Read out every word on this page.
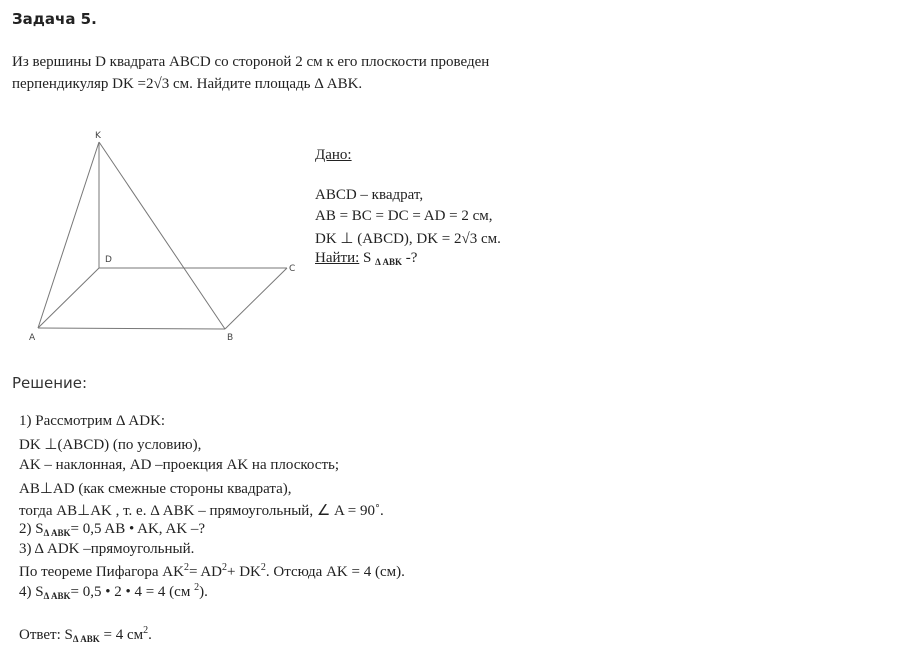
Задача 5.
Из вершины D квадрата ABCD со стороной 2 см к его плоскости проведен
перпендикуляр DK =2√3 см. Найдите площадь Δ ABK.
K
D
C
A	B
Дано:
ABCD – квадрат,
AB = BC = DC = AD = 2 см,
DK ⊥ (ABCD), DK = 2√3 см.
Найти: S $_{\Delta ABK}$ -?
Решение:
1) Рассмотрим Δ ADK:
DK ⊥(ABCD) (по условию),
AK – наклонная, AD –проекция AK на плоскость;
AB⊥AD (как смежные стороны квадрата),
тогда AB⊥AK , т. е. Δ ABK – прямоугольный, ∠ A = 90˚.
2) $S_{\Delta ABK}= 0,5$ AB • AK, AK –?
3) Δ ADK –прямоугольный.
По теореме Пифагора $AK^2= AD^2+ DK^2$. Отсюда AK = 4 (см).
4) $S_{\Delta ABK}= 0,5$ • 2 • 4 = 4 (см $^2$).
Ответ: $S_{\Delta ABK} = 4$ $см^2$.
